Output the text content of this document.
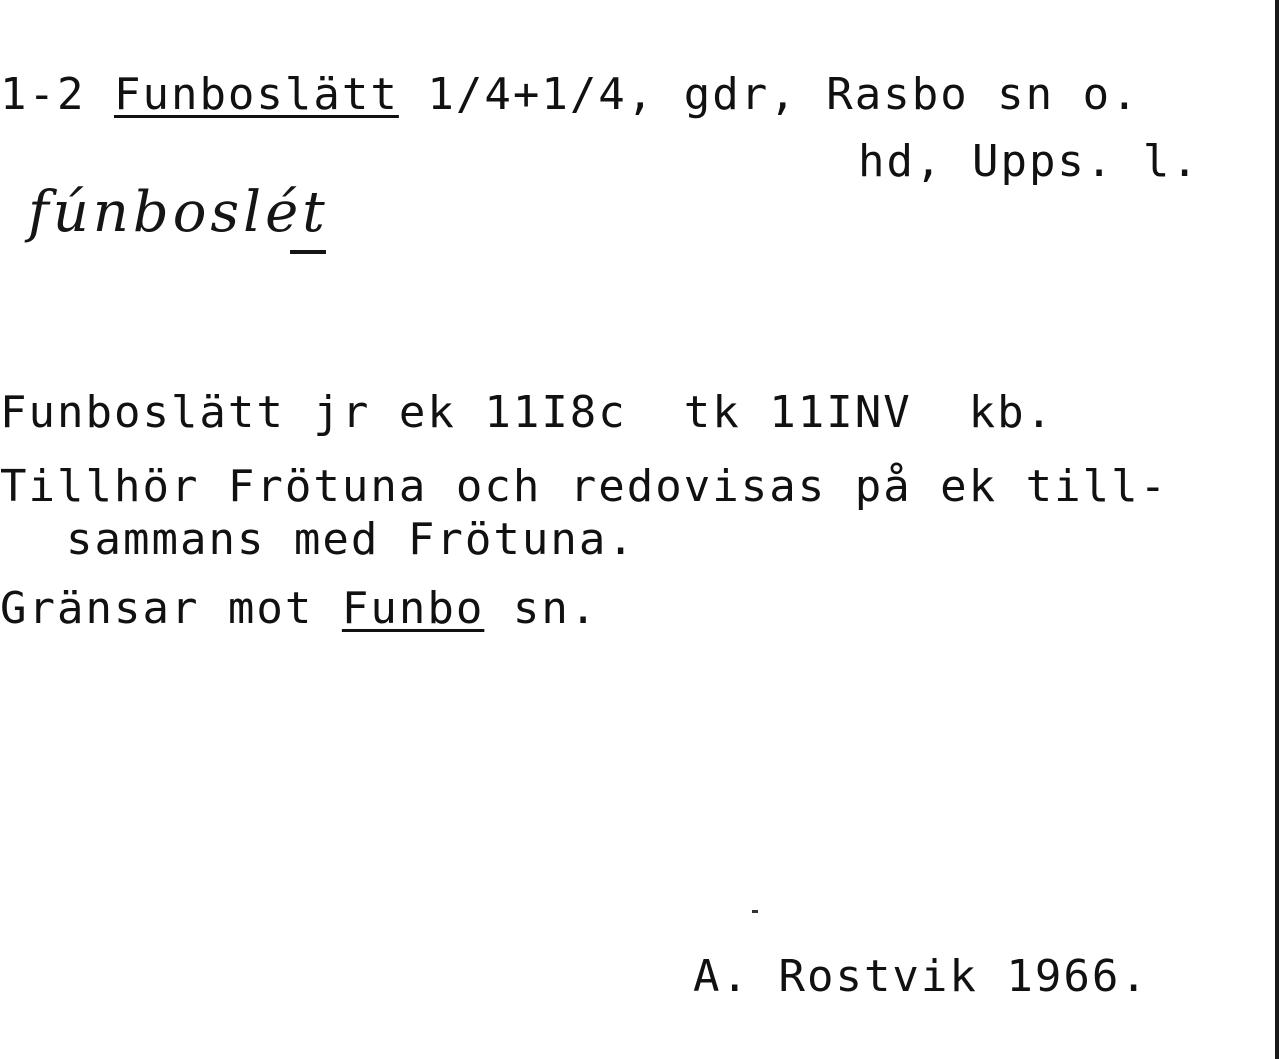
1-2 Funboslätt 1/4+1/4, gdr, Rasbo sn o.
hd, Upps. l.
fúnboslét
Funboslätt jr ek 11I8c  tk 11INV  kb.
Tillhör Frötuna och redovisas på ek till-
sammans med Frötuna.
Gränsar mot Funbo sn.
A. Rostvik 1966.
